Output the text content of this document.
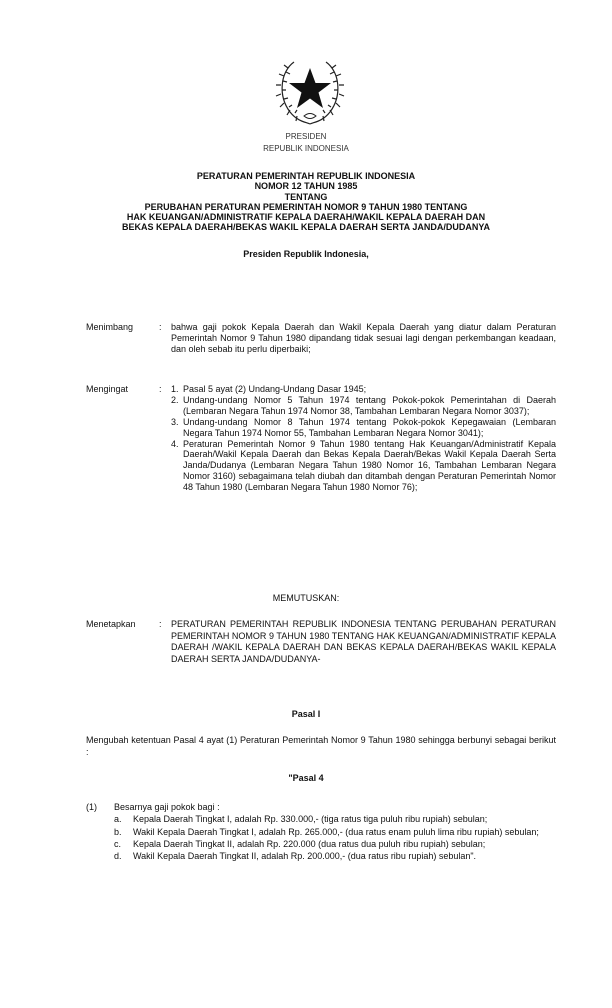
PRESIDEN
REPUBLIK INDONESIA
PERATURAN PEMERINTAH REPUBLIK INDONESIA
NOMOR 12 TAHUN 1985
TENTANG
PERUBAHAN PERATURAN PEMERINTAH NOMOR 9 TAHUN 1980 TENTANG
HAK KEUANGAN/ADMINISTRATIF KEPALA DAERAH/WAKIL KEPALA DAERAH DAN
BEKAS KEPALA DAERAH/BEKAS WAKIL KEPALA DAERAH SERTA JANDA/DUDANYA
Presiden Republik Indonesia,
Menimbang	: bahwa gaji pokok Kepala Daerah dan Wakil Kepala Daerah yang diatur dalam Peraturan Pemerintah Nomor 9 Tahun 1980 dipandang tidak sesuai lagi dengan perkembangan keadaan, dan oleh sebab itu perlu diperbaiki;
Mengingat	: 1. Pasal 5 ayat (2) Undang-Undang Dasar 1945;
2. Undang-undang Nomor 5 Tahun 1974 tentang Pokok-pokok Pemerintahan di Daerah (Lembaran Negara Tahun 1974 Nomor 38, Tambahan Lembaran Negara Nomor 3037);
3. Undang-undang Nomor 8 Tahun 1974 tentang Pokok-pokok Kepegawaian (Lembaran Negara Tahun 1974 Nomor 55, Tambahan Lembaran Negara Nomor 3041);
4. Peraturan Pemerintah Nomor 9 Tahun 1980 tentang Hak Keuangan/Administratif Kepala Daerah/Wakil Kepala Daerah dan Bekas Kepala Daerah/Bekas Wakil Kepala Daerah Serta Janda/Dudanya (Lembaran Negara Tahun 1980 Nomor 16, Tambahan Lembaran Negara Nomor 3160) sebagaimana telah diubah dan ditambah dengan Peraturan Pemerintah Nomor 48 Tahun 1980 (Lembaran Negara Tahun 1980 Nomor 76);
MEMUTUSKAN:
Menetapkan	: PERATURAN PEMERINTAH REPUBLIK INDONESIA TENTANG PERUBAHAN PERATURAN PEMERINTAH NOMOR 9 TAHUN 1980 TENTANG HAK KEUANGAN/ADMINISTRATIF KEPALA DAERAH /WAKIL KEPALA DAERAH DAN BEKAS KEPALA DAERAH/BEKAS WAKIL KEPALA DAERAH SERTA JANDA/DUDANYA-
Pasal I
Mengubah ketentuan Pasal 4 ayat (1) Peraturan Pemerintah Nomor 9 Tahun 1980 sehingga berbunyi sebagai berikut :
"Pasal 4
(1) Besarnya gaji pokok bagi :
a. Kepala Daerah Tingkat I, adalah Rp. 330.000,- (tiga ratus tiga puluh ribu rupiah) sebulan;
b. Wakil Kepala Daerah Tingkat I, adalah Rp. 265.000,- (dua ratus enam puluh lima ribu rupiah) sebulan;
c. Kepala Daerah Tingkat II, adalah Rp. 220.000 (dua ratus dua puluh ribu rupiah) sebulan;
d. Wakil Kepala Daerah Tingkat II, adalah Rp. 200.000,- (dua ratus ribu rupiah) sebulan".
